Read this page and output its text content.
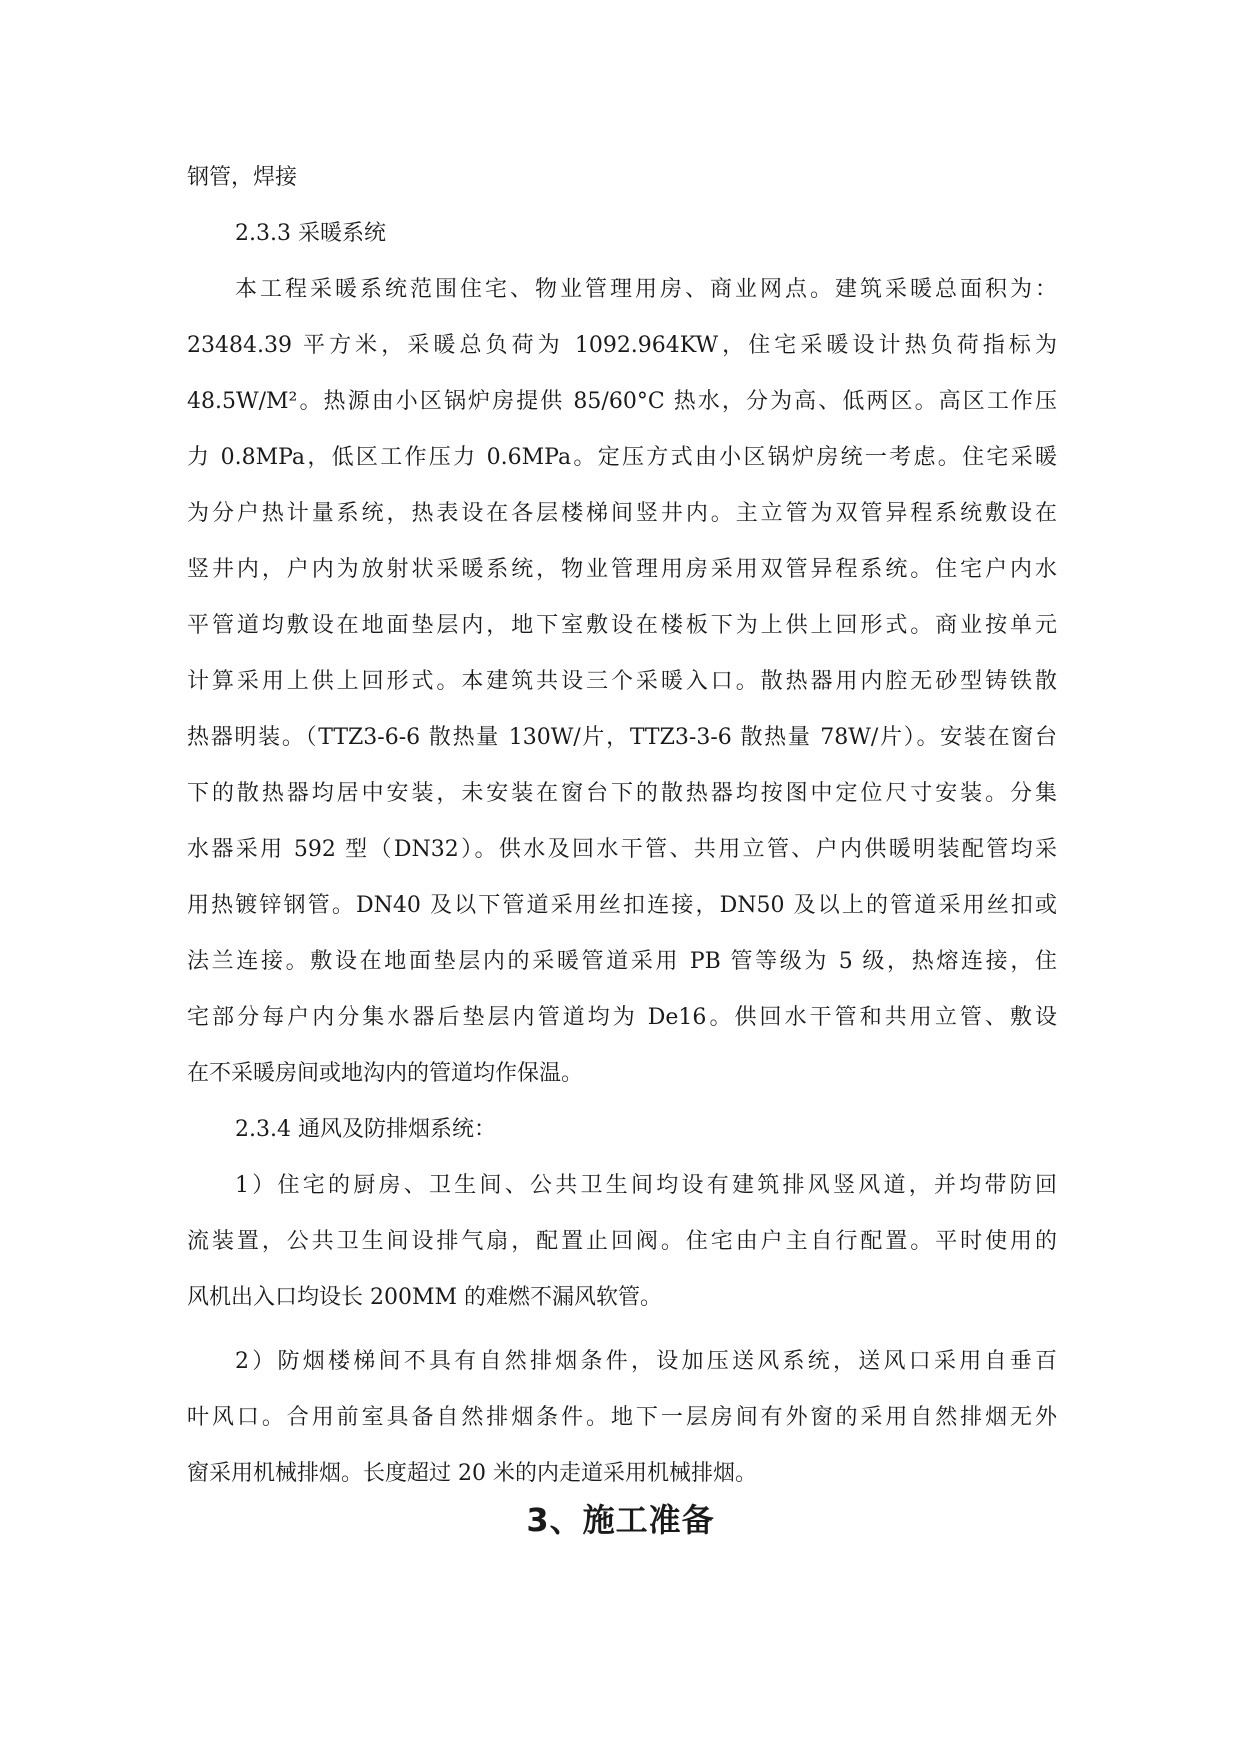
钢管，焊接
2.3.3 采暖系统
本工程采暖系统范围住宅、物业管理用房、商业网点。建筑采暖总面积为：
23484.39 平方米，采暖总负荷为 1092.964KW，住宅采暖设计热负荷指标为
48.5W/M²。热源由小区锅炉房提供 85/60°C 热水，分为高、低两区。高区工作压
力 0.8MPa，低区工作压力 0.6MPa。定压方式由小区锅炉房统一考虑。住宅采暖
为分户热计量系统，热表设在各层楼梯间竖井内。主立管为双管异程系统敷设在
竖井内，户内为放射状采暖系统，物业管理用房采用双管异程系统。住宅户内水
平管道均敷设在地面垫层内，地下室敷设在楼板下为上供上回形式。商业按单元
计算采用上供上回形式。本建筑共设三个采暖入口。散热器用内腔无砂型铸铁散
热器明装。（TTZ3-6-6 散热量 130W/片，TTZ3-3-6 散热量 78W/片）。安装在窗台
下的散热器均居中安装，未安装在窗台下的散热器均按图中定位尺寸安装。分集
水器采用 592 型（DN32）。供水及回水干管、共用立管、户内供暖明装配管均采
用热镀锌钢管。DN40 及以下管道采用丝扣连接，DN50 及以上的管道采用丝扣或
法兰连接。敷设在地面垫层内的采暖管道采用 PB 管等级为 5 级，热熔连接，住
宅部分每户内分集水器后垫层内管道均为 De16。供回水干管和共用立管、敷设
在不采暖房间或地沟内的管道均作保温。
2.3.4 通风及防排烟系统：
1）住宅的厨房、卫生间、公共卫生间均设有建筑排风竖风道，并均带防回
流装置，公共卫生间设排气扇，配置止回阀。住宅由户主自行配置。平时使用的
风机出入口均设长 200MM 的难燃不漏风软管。
2）防烟楼梯间不具有自然排烟条件，设加压送风系统，送风口采用自垂百
叶风口。合用前室具备自然排烟条件。地下一层房间有外窗的采用自然排烟无外
窗采用机械排烟。长度超过 20 米的内走道采用机械排烟。
3、施工准备
